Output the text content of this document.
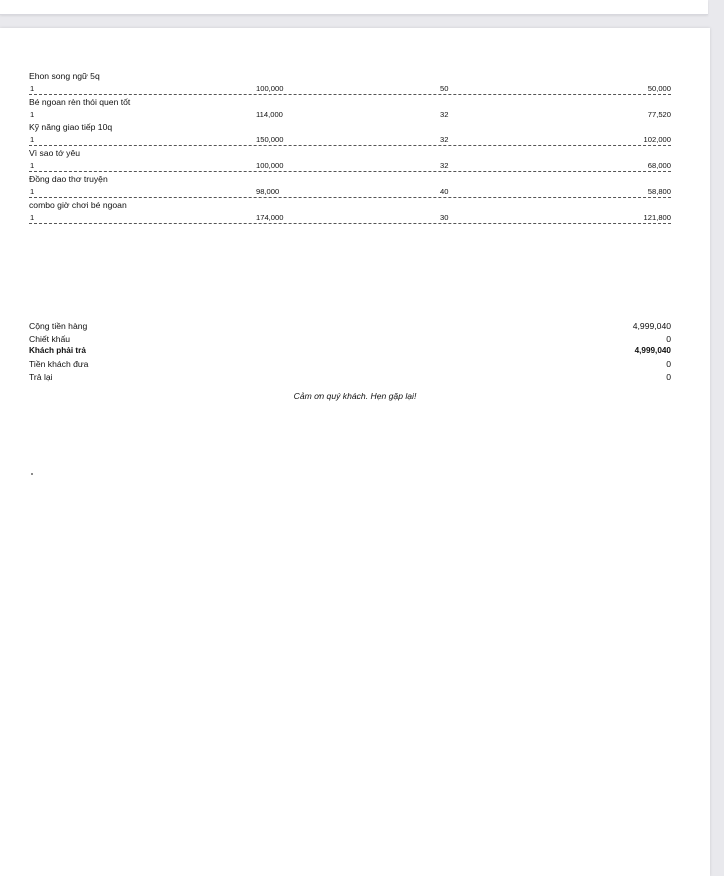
Ehon song ngữ 5q
1	100,000	50	50,000
Bé ngoan rèn thói quen tốt
1	114,000	32	77,520
Kỹ năng giao tiếp 10q
1	150,000	32	102,000
Vì sao tớ yêu
1	100,000	32	68,000
Đồng dao thơ truyện
1	98,000	40	58,800
combo giờ chơi bé ngoan
1	174,000	30	121,800
Cộng tiền hàng	4,999,040
Chiết khấu	0
Khách phải trả	4,999,040
Tiền khách đưa	0
Trả lại	0
Cảm ơn quý khách. Hẹn gặp lại!
